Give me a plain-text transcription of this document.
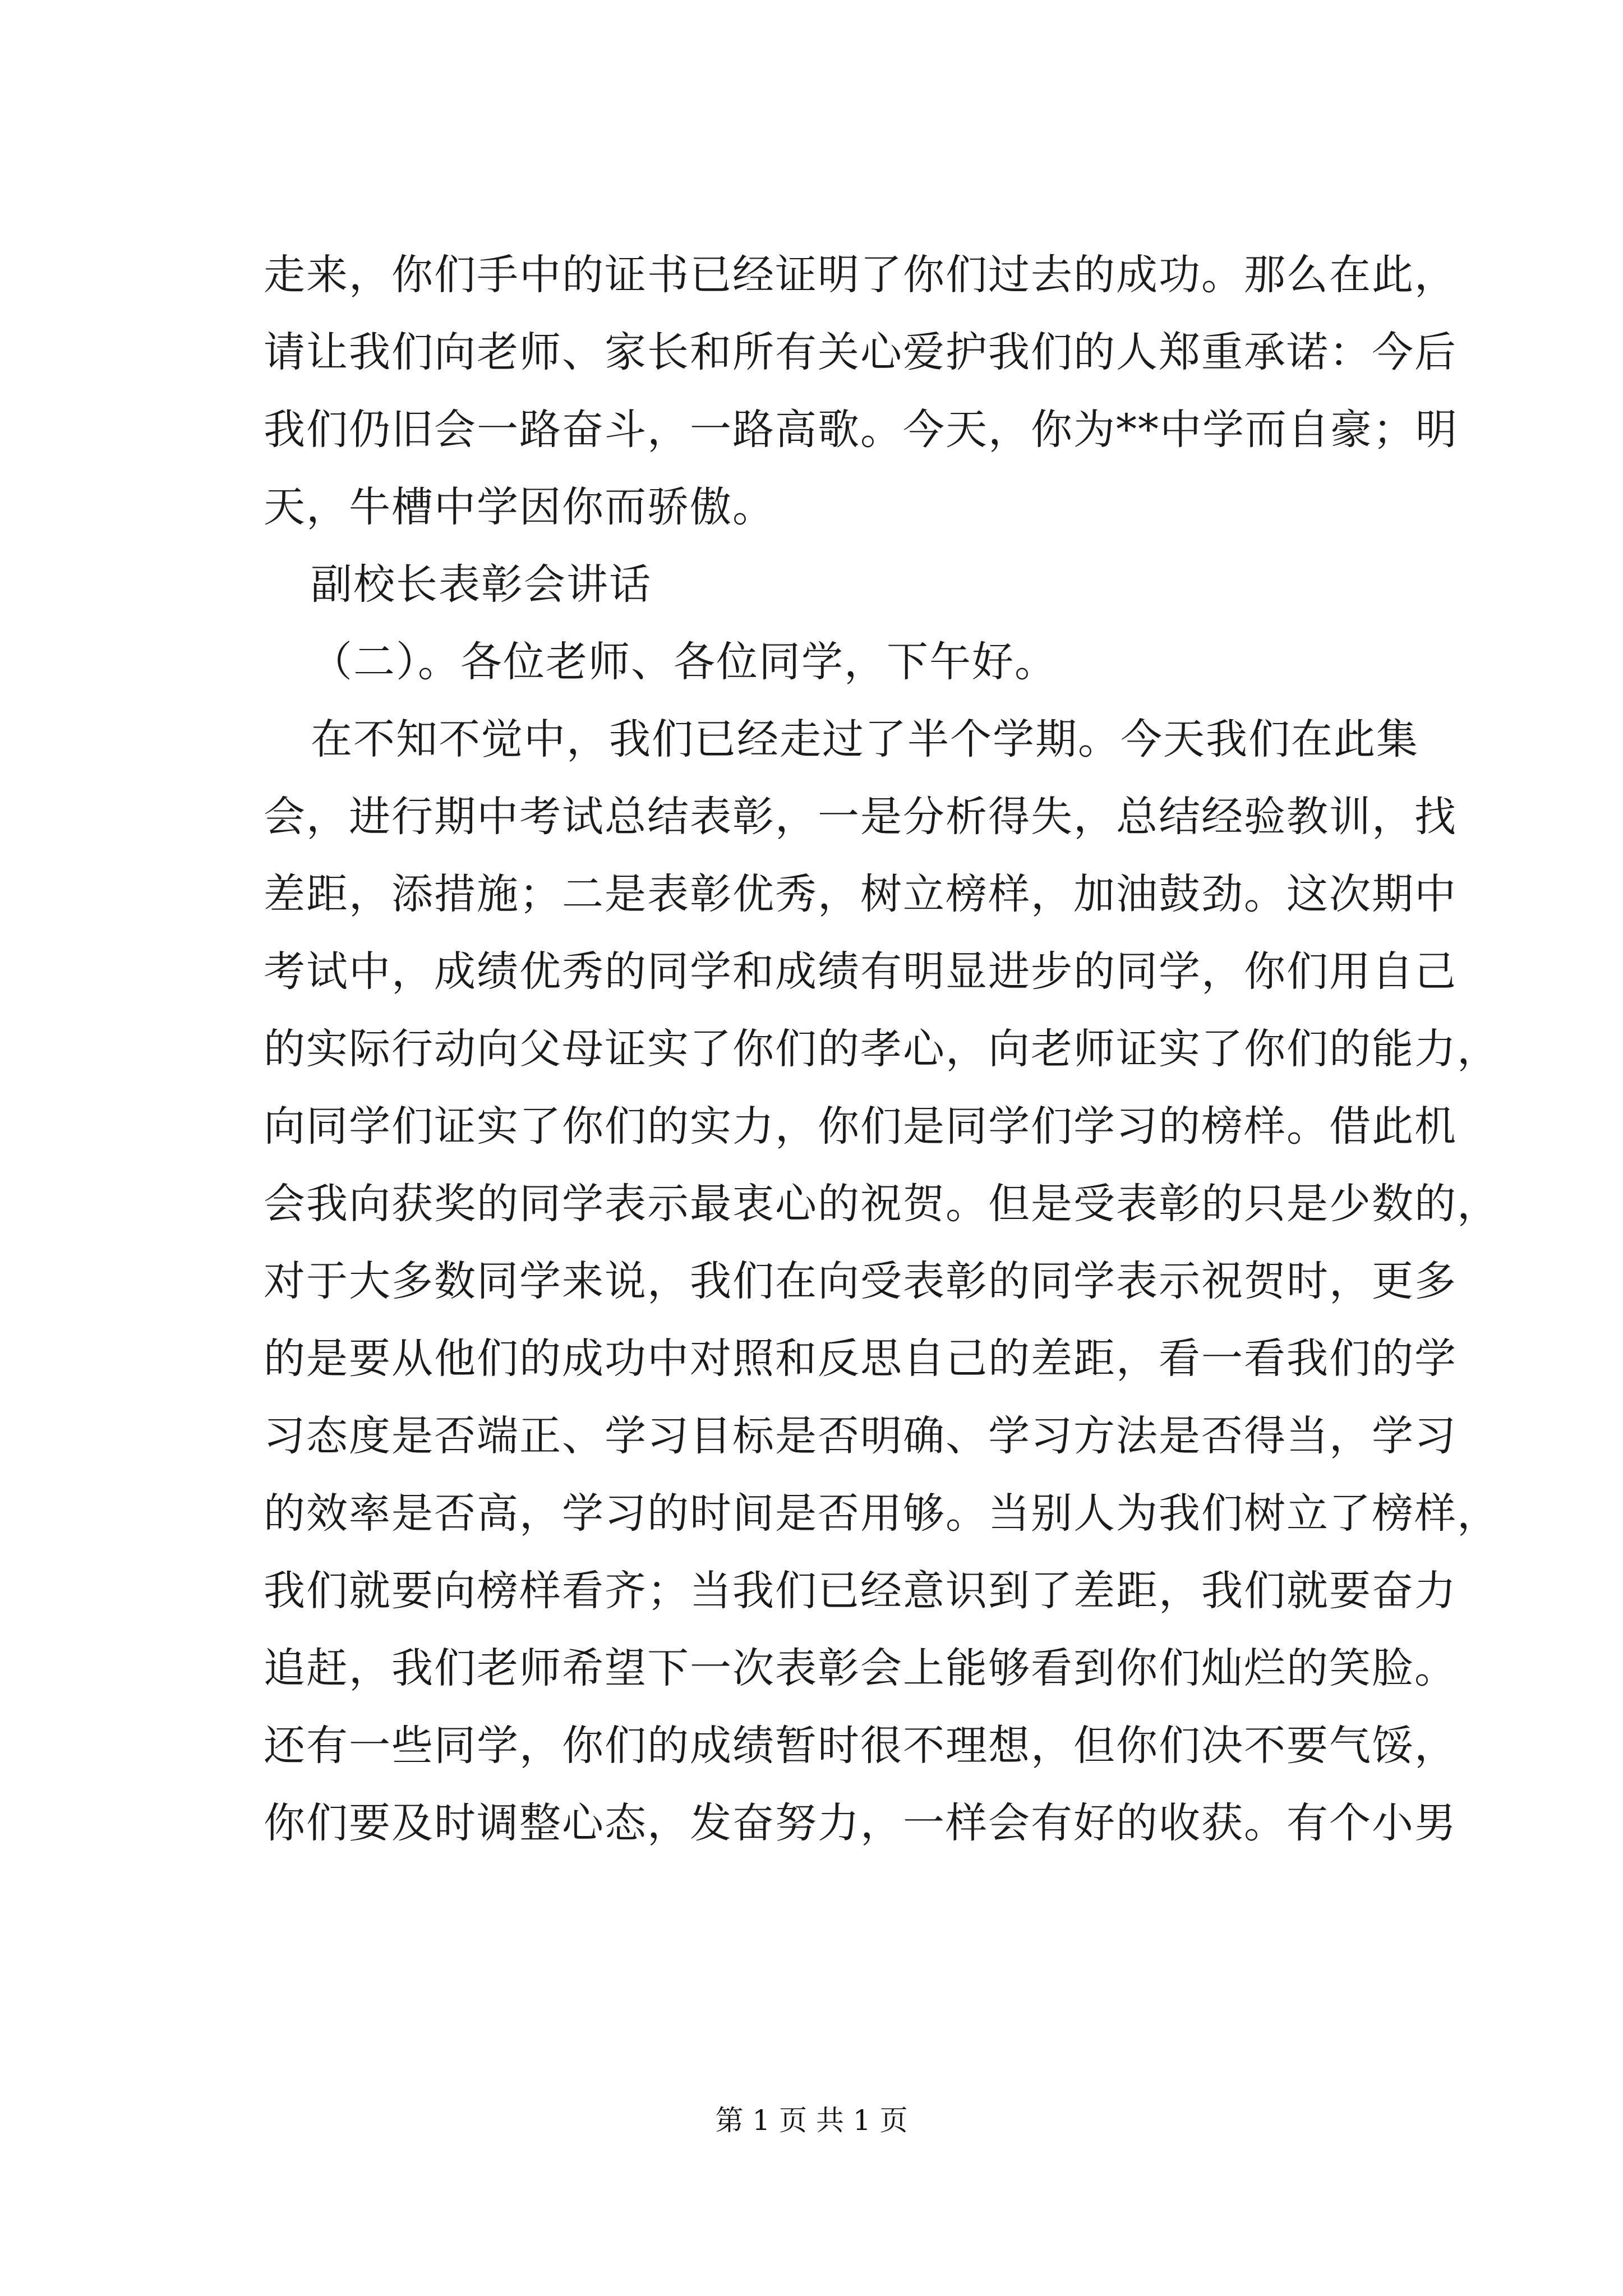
走来，你们手中的证书已经证明了你们过去的成功。那么在此，
请让我们向老师、家长和所有关心爱护我们的人郑重承诺：今后
我们仍旧会一路奋斗，一路高歌。今天，你为**中学而自豪；明
天，牛槽中学因你而骄傲。
副校长表彰会讲话
（二）。各位老师、各位同学，下午好。
在不知不觉中，我们已经走过了半个学期。今天我们在此集
会，进行期中考试总结表彰，一是分析得失，总结经验教训，找
差距，添措施；二是表彰优秀，树立榜样，加油鼓劲。这次期中
考试中，成绩优秀的同学和成绩有明显进步的同学，你们用自己
的实际行动向父母证实了你们的孝心，向老师证实了你们的能力，
向同学们证实了你们的实力，你们是同学们学习的榜样。借此机
会我向获奖的同学表示最衷心的祝贺。但是受表彰的只是少数的，
对于大多数同学来说，我们在向受表彰的同学表示祝贺时，更多
的是要从他们的成功中对照和反思自己的差距，看一看我们的学
习态度是否端正、学习目标是否明确、学习方法是否得当，学习
的效率是否高，学习的时间是否用够。当别人为我们树立了榜样，
我们就要向榜样看齐；当我们已经意识到了差距，我们就要奋力
追赶，我们老师希望下一次表彰会上能够看到你们灿烂的笑脸。
还有一些同学，你们的成绩暂时很不理想，但你们决不要气馁，
你们要及时调整心态，发奋努力，一样会有好的收获。有个小男
第 1 页 共 1 页
